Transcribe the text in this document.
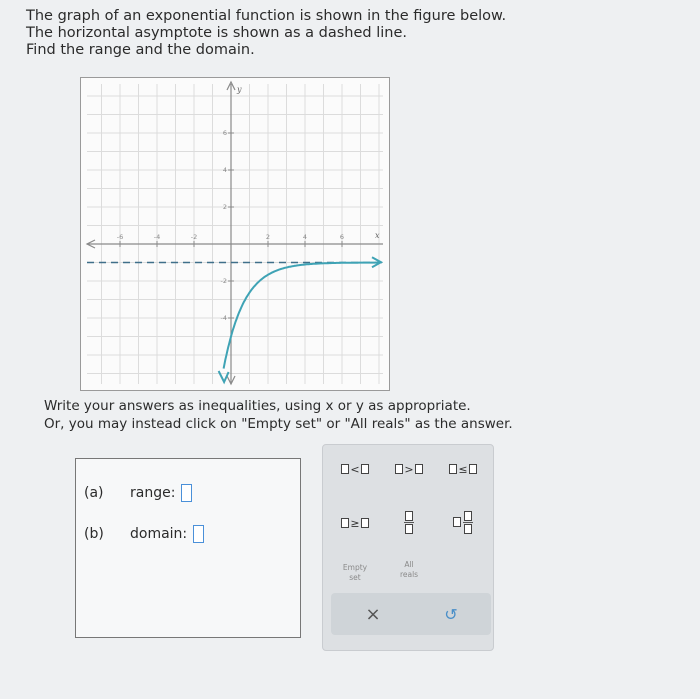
The graph of an exponential function is shown in the figure below.
The horizontal asymptote is shown as a dashed line.
Find the range and the domain.
y
x
-6	-4	-2	2	4	6
6
4
2
-2
-4
Write your answers as inequalities, using x or y as appropriate.
Or, you may instead click on "Empty set" or "All reals" as the answer.
(a)	range:
(b)	domain:
<	>	≤
≥
Empty
set
All
reals
×	↺
